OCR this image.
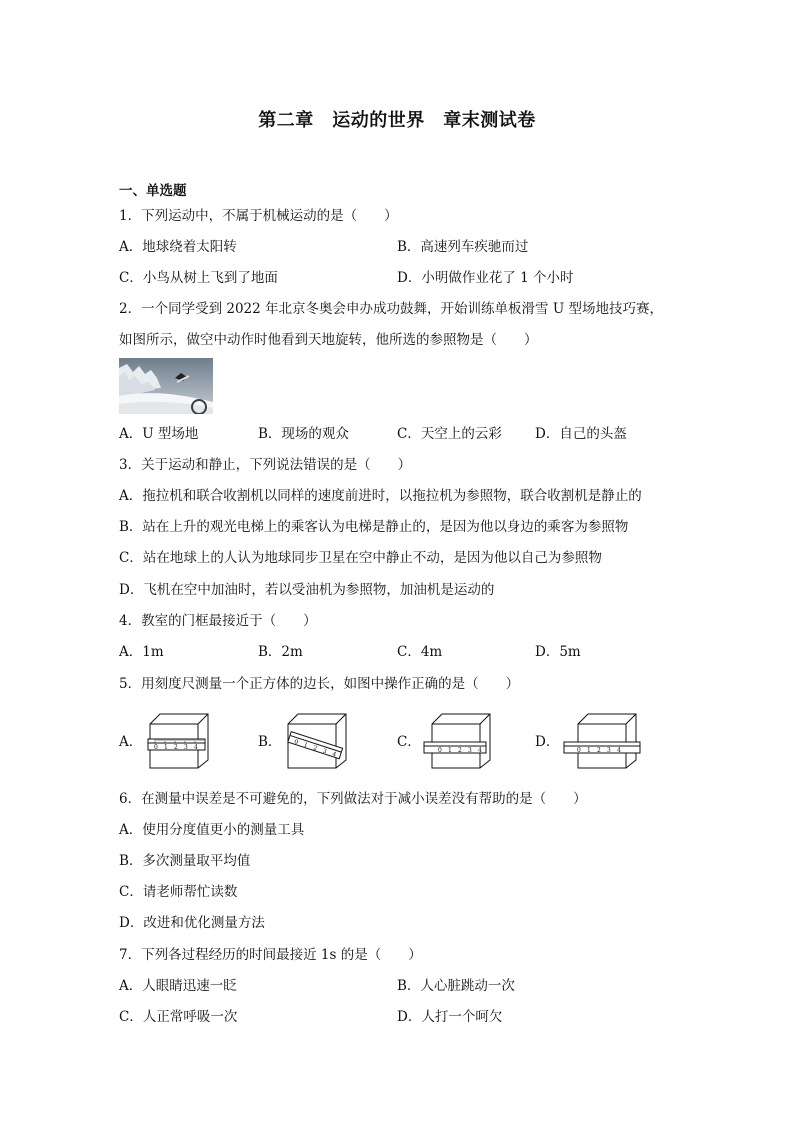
第二章　运动的世界　章末测试卷
一、单选题
1．下列运动中，不属于机械运动的是（　　）
A．地球绕着太阳转	B．高速列车疾驰而过
C．小鸟从树上飞到了地面	D．小明做作业花了 1 个小时
2．一个同学受到 2022 年北京冬奥会申办成功鼓舞，开始训练单板滑雪 U 型场地技巧赛，
如图所示，做空中动作时他看到天地旋转，他所选的参照物是（　　）
A．U 型场地	B．现场的观众	C．天空上的云彩 D．自己的头盔
3．关于运动和静止，下列说法错误的是（　　）
A．拖拉机和联合收割机以同样的速度前进时，以拖拉机为参照物，联合收割机是静止的
B．站在上升的观光电梯上的乘客认为电梯是静止的，是因为他以身边的乘客为参照物
C．站在地球上的人认为地球同步卫星在空中静止不动，是因为他以自己为参照物
D．飞机在空中加油时，若以受油机为参照物，加油机是运动的
4．教室的门框最接近于（　　）
A．1m	B．2m	C．4m	D．5m
5．用刻度尺测量一个正方体的边长，如图中操作正确的是（　　）
A． 0 1 2 3 4	B． 0 1 2 3 4
C．
0 1 2 3 4
D．
0 1 2 3 4
6．在测量中误差是不可避免的，下列做法对于减小误差没有帮助的是（　　）
A．使用分度值更小的测量工具
B．多次测量取平均值
C．请老师帮忙读数
D．改进和优化测量方法
7．下列各过程经历的时间最接近 1s 的是（　　）
A．人眼睛迅速一眨	B．人心脏跳动一次
C．人正常呼吸一次	D．人打一个呵欠
